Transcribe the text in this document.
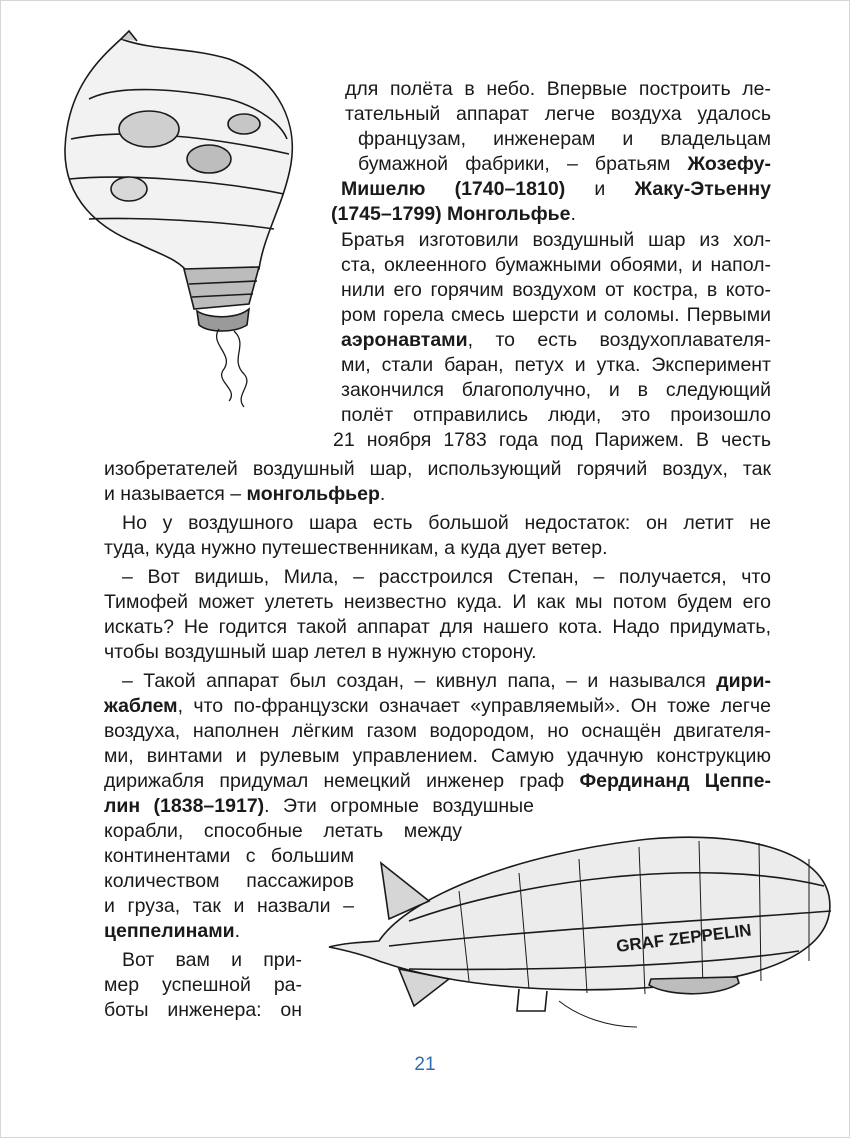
GRAF ZEPPELIN
для полёта в небо. Впервые построить ле-
тательный аппарат легче воздуха удалось
французам, инженерам и владельцам
бумажной фабрики, – братьям Жозефу-
Мишелю (1740–1810) и Жаку-Этьенну
(1745–1799) Монгольфье.
Братья изготовили воздушный шар из хол-
ста, оклеенного бумажными обоями, и напол-
нили его горячим воздухом от костра, в кото-
ром горела смесь шерсти и соломы. Первыми
аэронавтами, то есть воздухоплавателя-
ми, стали баран, петух и утка. Эксперимент
закончился благополучно, и в следующий
полёт отправились люди, это произошло
21 ноября 1783 года под Парижем. В честь
изобретателей воздушный шар, использующий горячий воздух, так
и называется – монгольфьер.
Но у воздушного шара есть большой недостаток: он летит не
туда, куда нужно путешественникам, а куда дует ветер.
– Вот видишь, Мила, – расстроился Степан, – получается, что
Тимофей может улететь неизвестно куда. И как мы потом будем его
искать? Не годится такой аппарат для нашего кота. Надо придумать,
чтобы воздушный шар летел в нужную сторону.
– Такой аппарат был создан, – кивнул папа, – и назывался дири-
жаблем, что по-французски означает «управляемый». Он тоже легче
воздуха, наполнен лёгким газом водородом, но оснащён двигателя-
ми, винтами и рулевым управлением. Самую удачную конструкцию
дирижабля придумал немецкий инженер граф Фердинанд Цеппе-
лин (1838–1917). Эти огромные воздушные
корабли, способные летать между
континентами с большим
количеством пассажиров
и груза, так и назвали –
цеппелинами.
Вот вам и при-
мер успешной ра-
боты инженера: он
21
